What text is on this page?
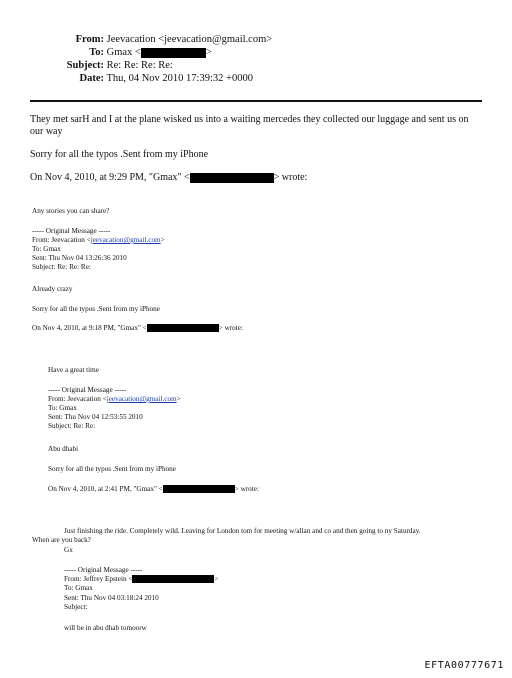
From: Jeevacation <jeevacation@gmail.com>
To: Gmax <	>
Subject: Re: Re: Re: Re:
Date: Thu, 04 Nov 2010 17:39:32 +0000
They met sarH and I at the plane wisked us into a waiting mercedes they collected our luggage and sent us on our way
Sorry for all the typos .Sent from my iPhone
On Nov 4, 2010, at 9:29 PM, "Gmax" <	> wrote:
Any stories you can share?
----- Original Message -----
From: Jeevacation <jeevacation@gmail.com>
To: Gmax
Sent: Thu Nov 04 13:26:36 2010
Subject: Re: Re: Re:
Already crazy
Sorry for all the typos .Sent from my iPhone
On Nov 4, 2010, at 9:18 PM, "Gmax" <	> wrote:
Have a great time
----- Original Message -----
From: Jeevacation <jeevacation@gmail.com>
To: Gmax
Sent: Thu Nov 04 12:53:55 2010
Subject: Re: Re:
Abu dhabi
Sorry for all the typos .Sent from my iPhone
On Nov 4, 2010, at 2:41 PM, "Gmax" <	> wrote:
Just finishing the ride. Completely wild. Leaving for London tom for meeting w/allan and co and then going to ny Saturday.
When are you back?
Gx
----- Original Message -----
From: Jeffrey Epstein <	>
To: Gmax
Sent: Thu Nov 04 03:18:24 2010
Subject:
will be in abu dhab tomoorw
EFTA00777671
